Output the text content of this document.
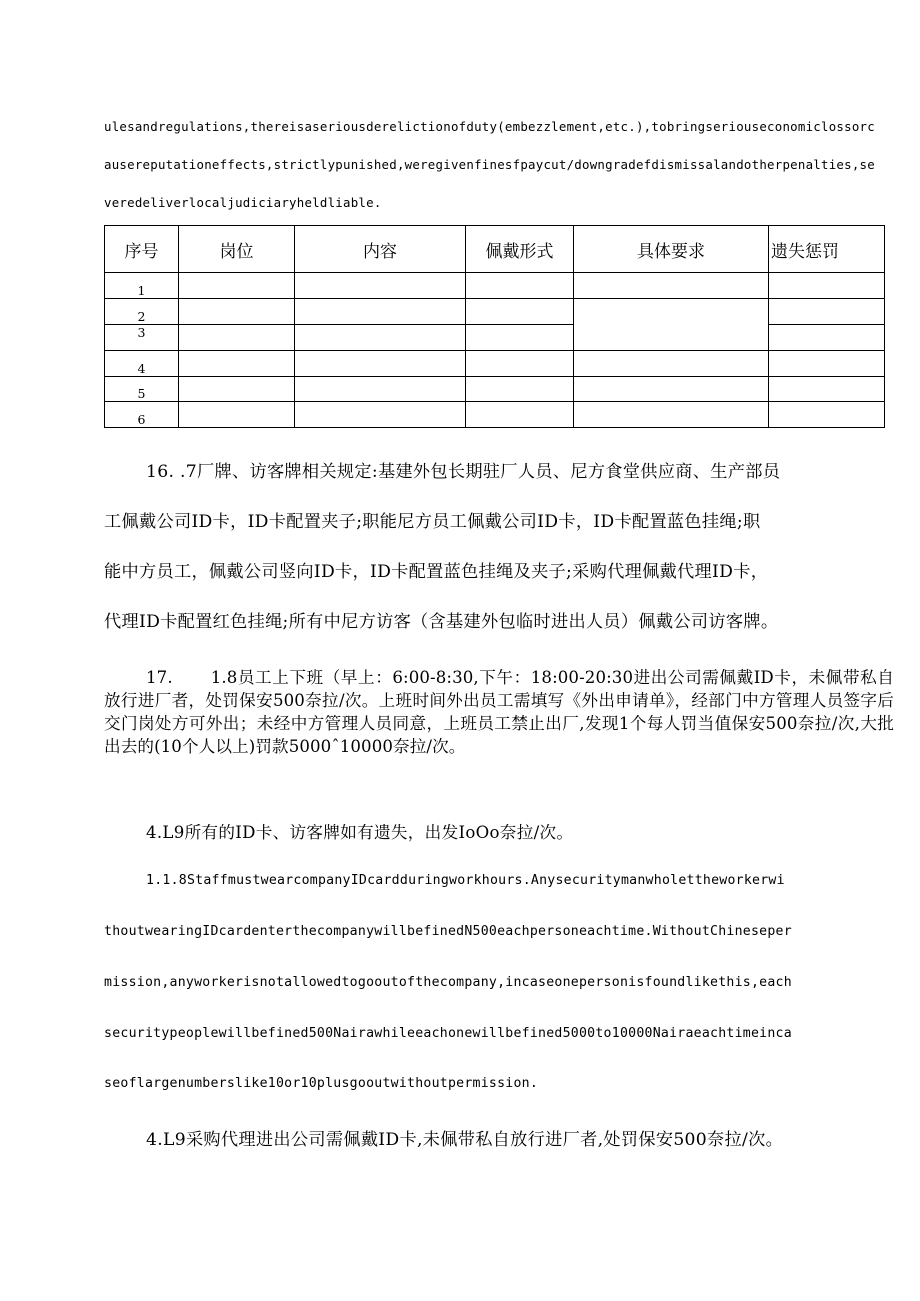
ulesandregulations,thereisaseriousderelictionofduty(embezzlement,etc.),tobringseriouseconomiclossorc
ausereputationeffects,strictlypunished,weregivenfinesfpaycut/downgradefdismissalandotherpenalties,se
veredeliverlocaljudiciaryheldliable.
序号	岗位	内容	佩戴形式	具体要求	遗失惩罚
1					
2					
3					
4					
5					
6					
16. .7厂牌、访客牌相关规定:基建外包长期驻厂人员、尼方食堂供应商、生产部员
工佩戴公司ID卡，ID卡配置夹子;职能尼方员工佩戴公司ID卡，ID卡配置蓝色挂绳;职
能中方员工，佩戴公司竖向ID卡，ID卡配置蓝色挂绳及夹子;采购代理佩戴代理ID卡，
代理ID卡配置红色挂绳;所有中尼方访客（含基建外包临时进出人员）佩戴公司访客牌。
17. 1.8员工上下班（早上：6:00-8:30,下午：18:00-20:30进出公司需佩戴ID卡，未佩带私自放行进厂者，处罚保安500奈拉/次。上班时间外出员工需填写《外出申请单》，经部门中方管理人员签字后交门岗处方可外出；未经中方管理人员同意，上班员工禁止出厂,发现1个每人罚当值保安500奈拉/次,大批出去的(10个人以上)罚款5000ˆ10000奈拉/次。
4.L9所有的ID卡、访客牌如有遗失，出发IoOo奈拉/次。
1.1.8StaffmustwearcompanyIDcardduringworkhours.Anysecuritymanwholettheworkerwi
thoutwearingIDcardenterthecompanywillbefinedN500eachpersoneachtime.WithoutChineseper
mission,anyworkerisnotallowedtogooutofthecompany,incaseonepersonisfoundlikethis,each
securitypeoplewillbefined500Nairawhileeachonewillbefined5000to10000Nairaeachtimeinca
seoflargenumberslike10or10plusgooutwithoutpermission.
4.L9采购代理进出公司需佩戴ID卡,未佩带私自放行进厂者,处罚保安500奈拉/次。
